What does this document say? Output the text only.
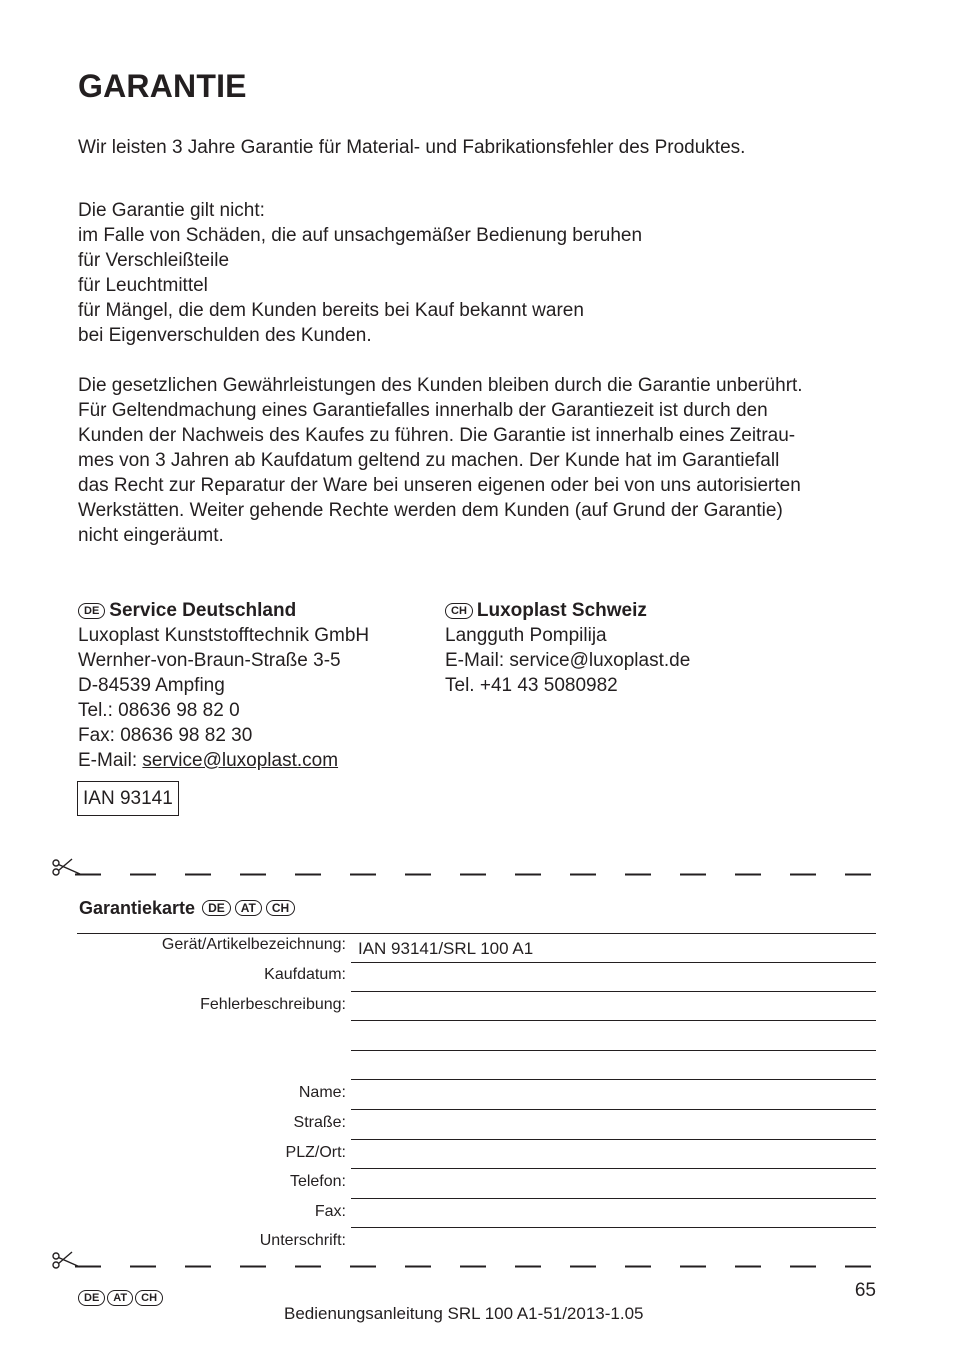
GARANTIE
Wir leisten 3 Jahre Garantie für Material- und Fabrikationsfehler des Produktes.
Die Garantie gilt nicht:
im Falle von Schäden, die auf unsachgemäßer Bedienung beruhen
für Verschleißteile
für Leuchtmittel
für Mängel, die dem Kunden bereits bei Kauf bekannt waren
bei Eigenverschulden des Kunden.
Die gesetzlichen Gewährleistungen des Kunden bleiben durch die Garantie unberührt.
Für Geltendmachung eines Garantiefalles innerhalb der Garantiezeit ist durch den
Kunden der Nachweis des Kaufes zu führen. Die Garantie ist innerhalb eines Zeitrau-
mes von 3 Jahren ab Kaufdatum geltend zu machen. Der Kunde hat im Garantiefall
das Recht zur Reparatur der Ware bei unseren eigenen oder bei von uns autorisierten
Werkstätten. Weiter gehende Rechte werden dem Kunden (auf Grund der Garantie)
nicht eingeräumt.
DE Service Deutschland
Luxoplast Kunststofftechnik GmbH
Wernher-von-Braun-Straße 3-5
D-84539 Ampfing
Tel.: 08636 98 82 0
Fax: 08636 98 82 30
E-Mail: service@luxoplast.com
CH Luxoplast Schweiz
Langguth Pompilija
E-Mail: service@luxoplast.de
Tel. +41 43 5080982
IAN 93141
Garantiekarte DE AT CH
Gerät/Artikelbezeichnung:
Kaufdatum:
Fehlerbeschreibung:
Name:
Straße:
PLZ/Ort:
Telefon:
Fax:
Unterschrift:
IAN 93141/SRL 100 A1
65
DE AT CH
Bedienungsanleitung SRL 100 A1-51/2013-1.05
